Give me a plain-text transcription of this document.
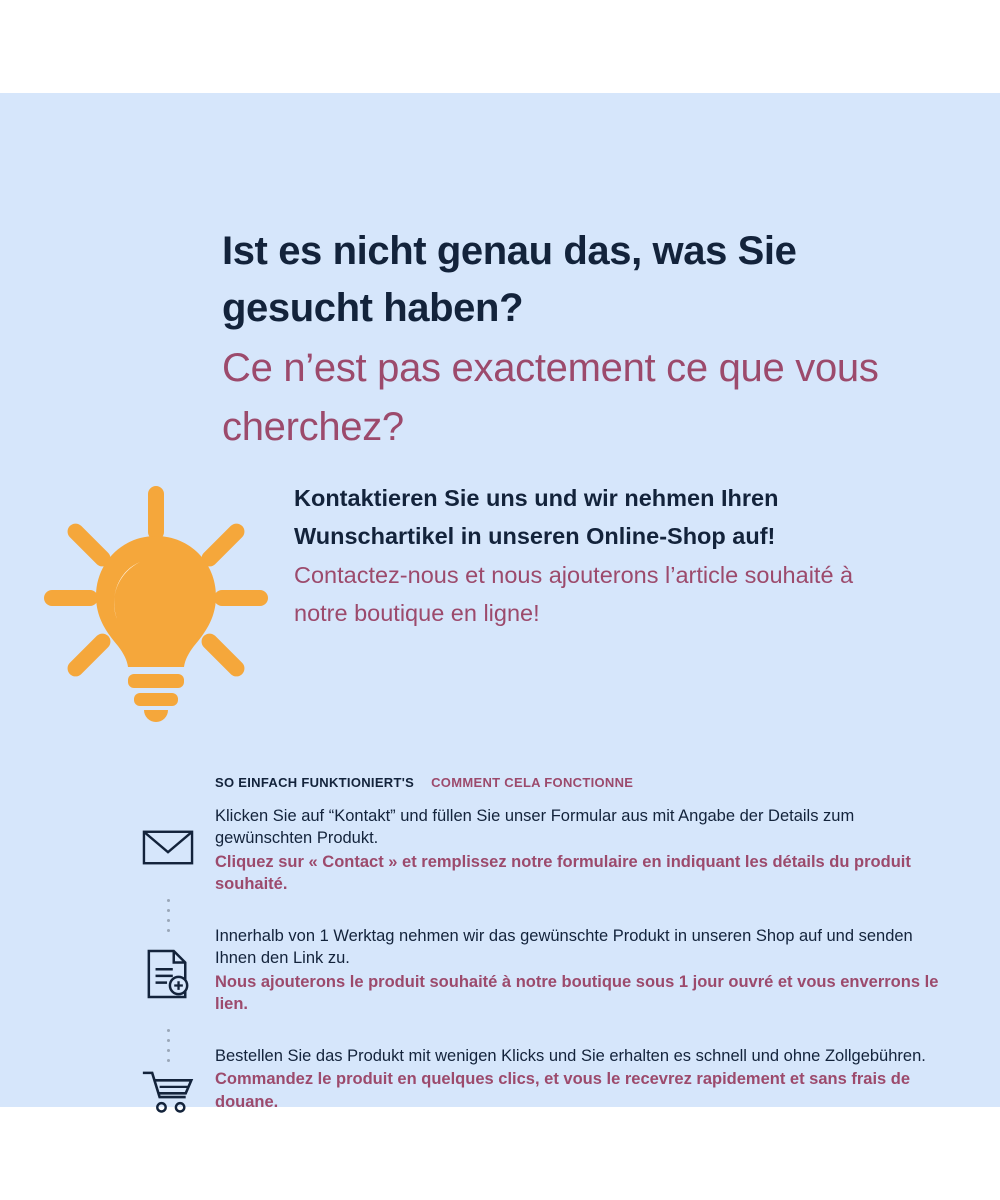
Ist es nicht genau das, was Sie gesucht haben?
Ce n’est pas exactement ce que vous cherchez?
Kontaktieren Sie uns und wir nehmen Ihren Wunschartikel in unseren Online-Shop auf!
Contactez-nous et nous ajouterons l’article souhaité à notre boutique en ligne!
SO EINFACH FUNKTIONIERT'S COMMENT CELA FONCTIONNE
Klicken Sie auf “Kontakt” und füllen Sie unser Formular aus mit Angabe der Details zum gewünschten Produkt.
Cliquez sur « Contact » et remplissez notre formulaire en indiquant les détails du produit souhaité.
Innerhalb von 1 Werktag nehmen wir das gewünschte Produkt in unseren Shop auf und senden Ihnen den Link zu.
Nous ajouterons le produit souhaité à notre boutique sous 1 jour ouvré et vous enverrons le lien.
Bestellen Sie das Produkt mit wenigen Klicks und Sie erhalten es schnell und ohne Zollgebühren.
Commandez le produit en quelques clics, et vous le recevrez rapidement et sans frais de douane.
